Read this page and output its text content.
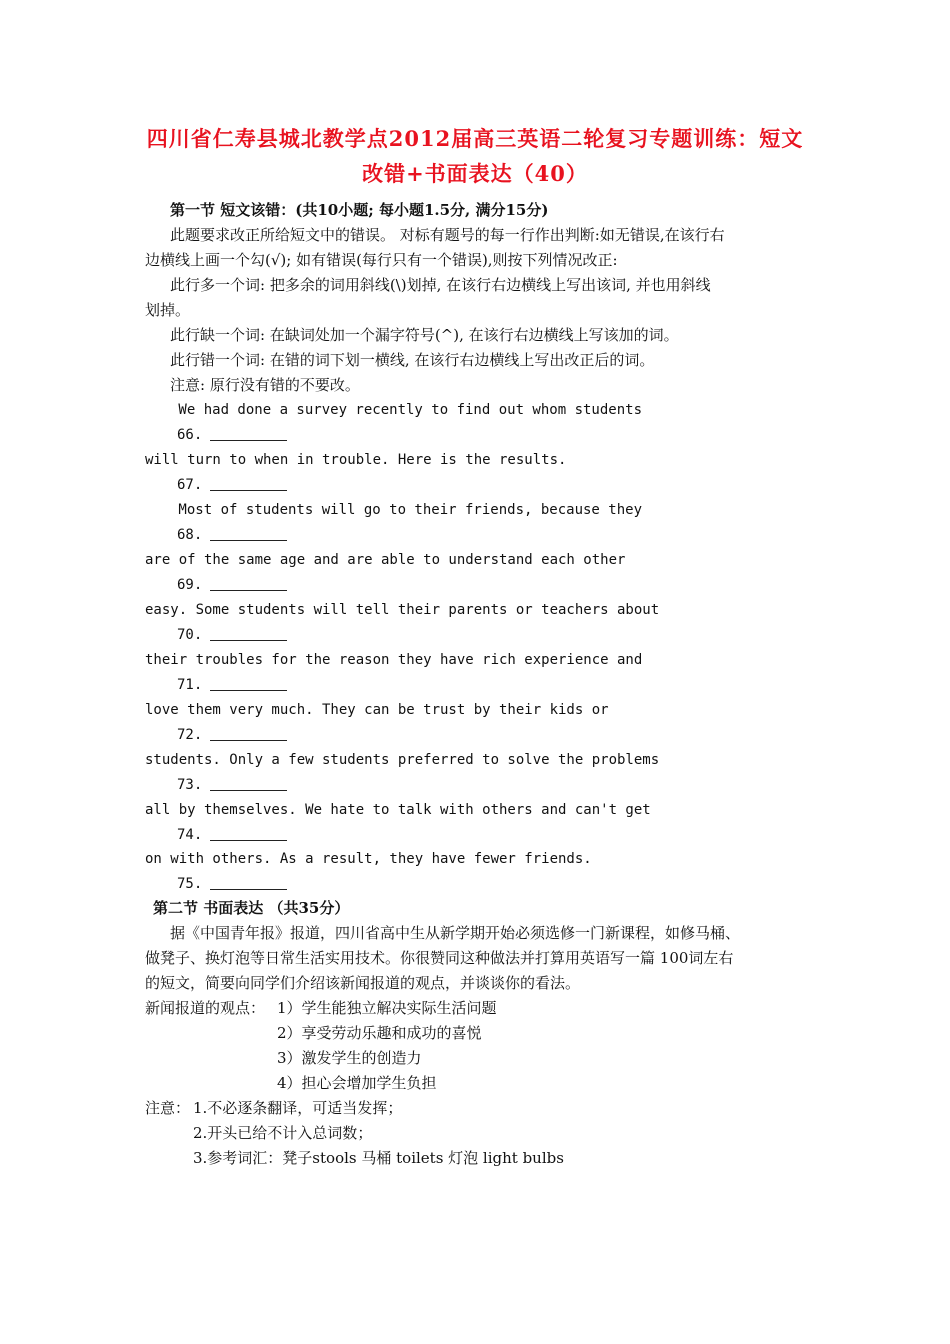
四川省仁寿县城北教学点2012届高三英语二轮复习专题训练：短文
改错+书面表达（40）
第一节 短文该错：(共10小题; 每小题1.5分, 满分15分)
此题要求改正所给短文中的错误。 对标有题号的每一行作出判断:如无错误,在该行右
边横线上画一个勾(√); 如有错误(每行只有一个错误),则按下列情况改正:
此行多一个词: 把多余的词用斜线(\)划掉, 在该行右边横线上写出该词, 并也用斜线
划掉。
此行缺一个词: 在缺词处加一个漏字符号(^), 在该行右边横线上写该加的词。
此行错一个词: 在错的词下划一横线, 在该行右边横线上写出改正后的词。
注意: 原行没有错的不要改。
We had done a survey recently to find out whom students
66.
will turn to when in trouble. Here is the results.
67.
Most of students will go to their friends, because they
68.
are of the same age and are able to understand each other
69.
easy. Some students will tell their parents or teachers about
70.
their troubles for the reason they have rich experience and
71.
love them very much. They can be trust by their kids or
72.
students. Only a few students preferred to solve the problems
73.
all by themselves. We hate to talk with others and can't get
74.
on with others. As a result, they have fewer friends.
75.
第二节 书面表达 （共35分）
据《中国青年报》报道，四川省高中生从新学期开始必须选修一门新课程，如修马桶、
做凳子、换灯泡等日常生活实用技术。你很赞同这种做法并打算用英语写一篇 100词左右
的短文，简要向同学们介绍该新闻报道的观点，并谈谈你的看法。
新闻报道的观点： 1）学生能独立解决实际生活问题
2）享受劳动乐趣和成功的喜悦
3）激发学生的创造力
4）担心会增加学生负担
注意： 1.不必逐条翻译，可适当发挥；
2.开头已给不计入总词数；
3.参考词汇：凳子stools 马桶 toilets 灯泡 light bulbs
